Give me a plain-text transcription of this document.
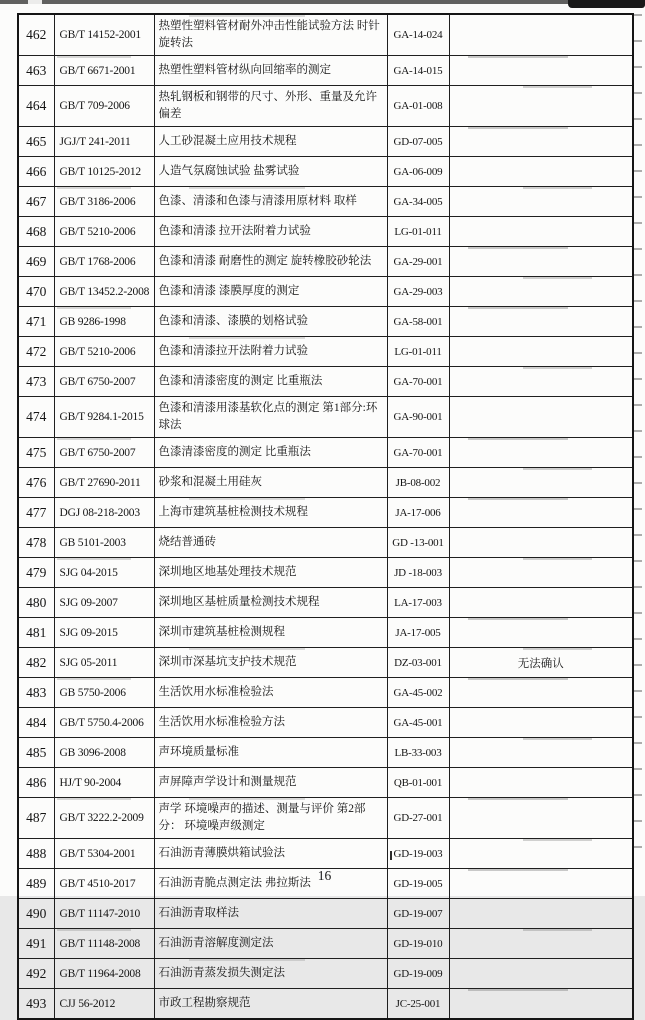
462	GB/T 14152-2001	热塑性塑料管材耐外冲击性能试验方法 时针旋转法	GA-14-024	
463	GB/T 6671-2001	热塑性塑料管材纵向回缩率的测定	GA-14-015	
464	GB/T 709-2006	热轧钢板和钢带的尺寸、外形、重量及允许偏差	GA-01-008	
465	JGJ/T 241-2011	人工砂混凝土应用技术规程	GD-07-005	
466	GB/T 10125-2012	人造气氛腐蚀试验 盐雾试验	GA-06-009	
467	GB/T 3186-2006	色漆、清漆和色漆与清漆用原材料 取样	GA-34-005	
468	GB/T 5210-2006	色漆和清漆 拉开法附着力试验	LG-01-011	
469	GB/T 1768-2006	色漆和清漆 耐磨性的测定 旋转橡胶砂轮法	GA-29-001	
470	GB/T 13452.2-2008	色漆和清漆 漆膜厚度的测定	GA-29-003	
471	GB 9286-1998	色漆和清漆、漆膜的划格试验	GA-58-001	
472	GB/T 5210-2006	色漆和清漆拉开法附着力试验	LG-01-011	
473	GB/T 6750-2007	色漆和清漆密度的测定 比重瓶法	GA-70-001	
474	GB/T 9284.1-2015	色漆和清漆用漆基软化点的测定 第1部分:环球法	GA-90-001	
475	GB/T 6750-2007	色漆清漆密度的测定 比重瓶法	GA-70-001	
476	GB/T 27690-2011	砂浆和混凝土用硅灰	JB-08-002	
477	DGJ 08-218-2003	上海市建筑基桩检测技术规程	JA-17-006	
478	GB 5101-2003	烧结普通砖	GD -13-001	
479	SJG 04-2015	深圳地区地基处理技术规范	JD -18-003	
480	SJG 09-2007	深圳地区基桩质量检测技术规程	LA-17-003	
481	SJG 09-2015	深圳市建筑基桩检测规程	JA-17-005	
482	SJG 05-2011	深圳市深基坑支护技术规范	DZ-03-001	无法确认
483	GB 5750-2006	生活饮用水标准检验法	GA-45-002	
484	GB/T 5750.4-2006	生活饮用水标准检验方法	GA-45-001	
485	GB 3096-2008	声环境质量标准	LB-33-003	
486	HJ/T 90-2004	声屏障声学设计和测量规范	QB-01-001	
487	GB/T 3222.2-2009	声学 环境噪声的描述、测量与评价 第2部分： 环境噪声级测定	GD-27-001	
488	GB/T 5304-2001	石油沥青薄膜烘箱试验法	GD-19-003	
489	GB/T 4510-2017	石油沥青脆点测定法 弗拉斯法	GD-19-005	
490	GB/T 11147-2010	石油沥青取样法	GD-19-007	
491	GB/T 11148-2008	石油沥青溶解度测定法	GD-19-010	
492	GB/T 11964-2008	石油沥青蒸发损失测定法	GD-19-009	
493	CJJ 56-2012	市政工程勘察规范	JC-25-001	
16
